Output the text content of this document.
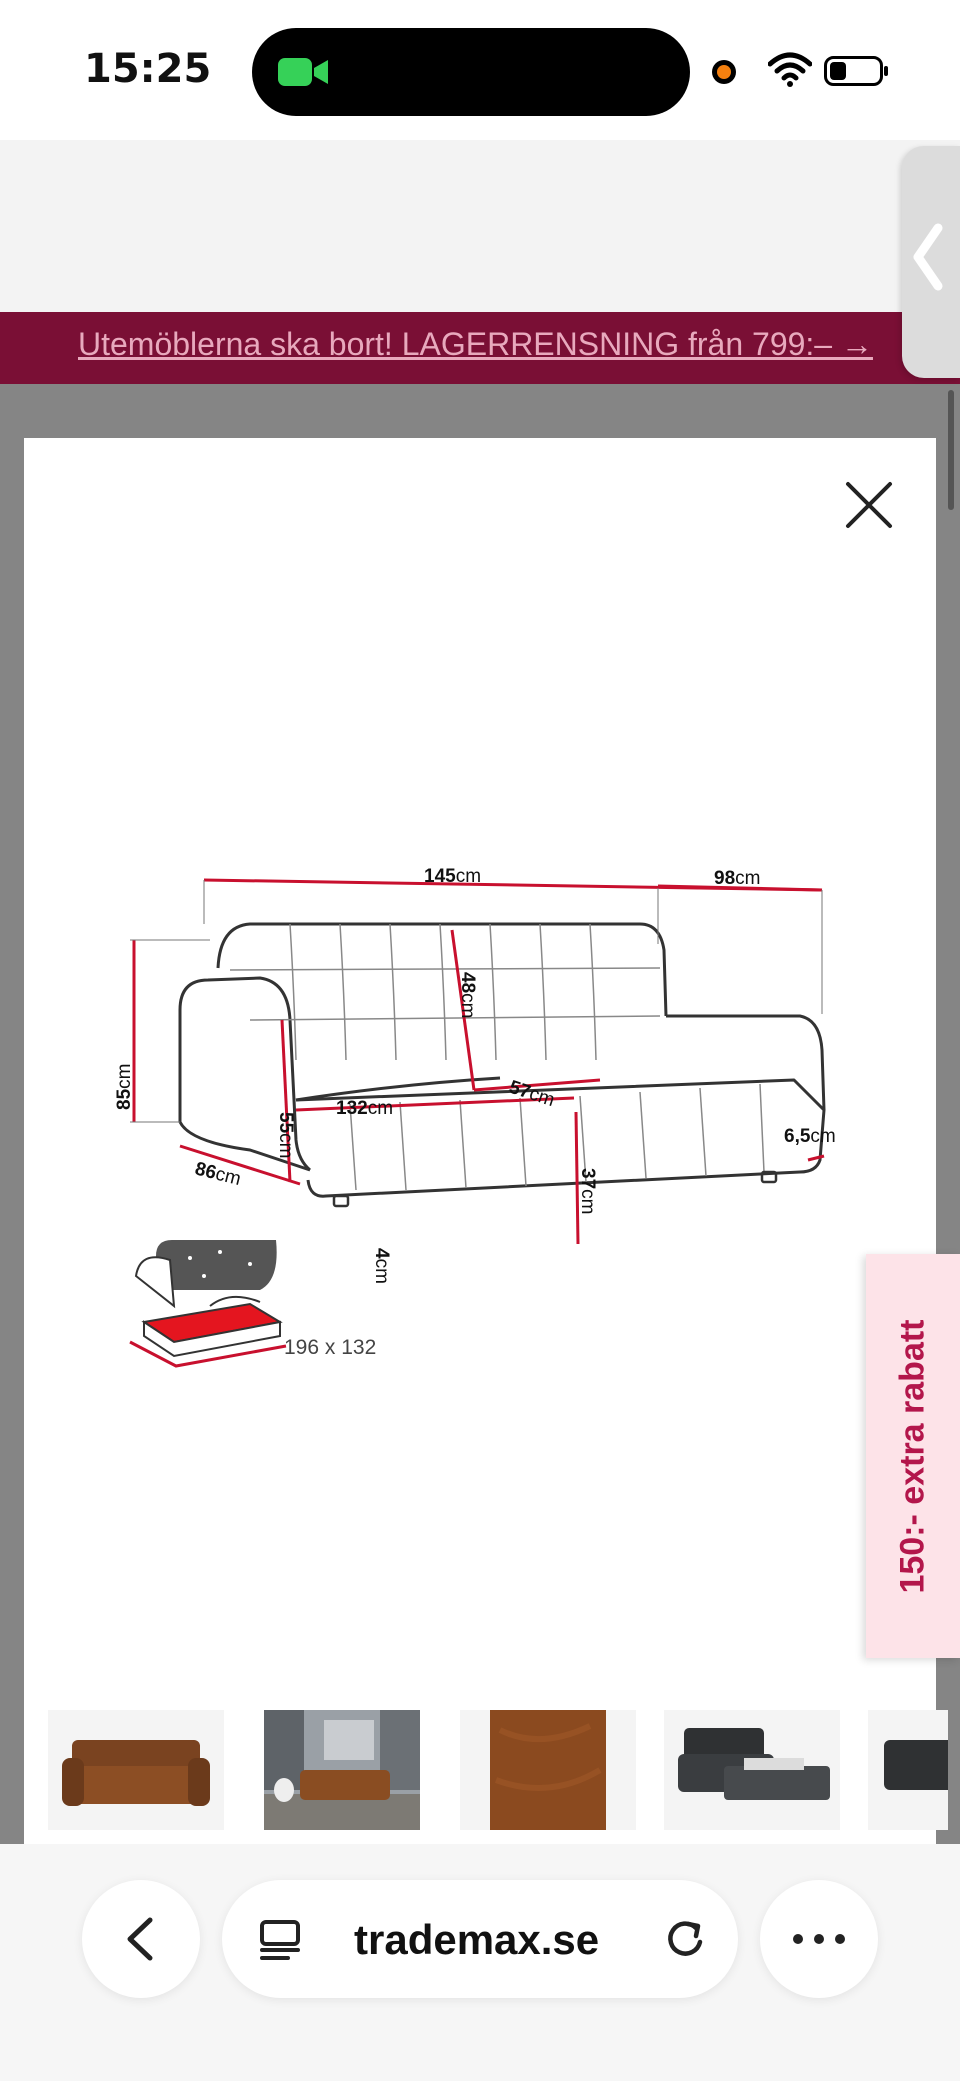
15:25
Utemöblerna ska bort! LAGERRENSNING från 799:– →
145cm	98cm
48cm
57cm
85cm
55cm
132cm
86cm	37cm
4cm
6,5cm
196 x 132	150:- extra rabatt
trademax.se
